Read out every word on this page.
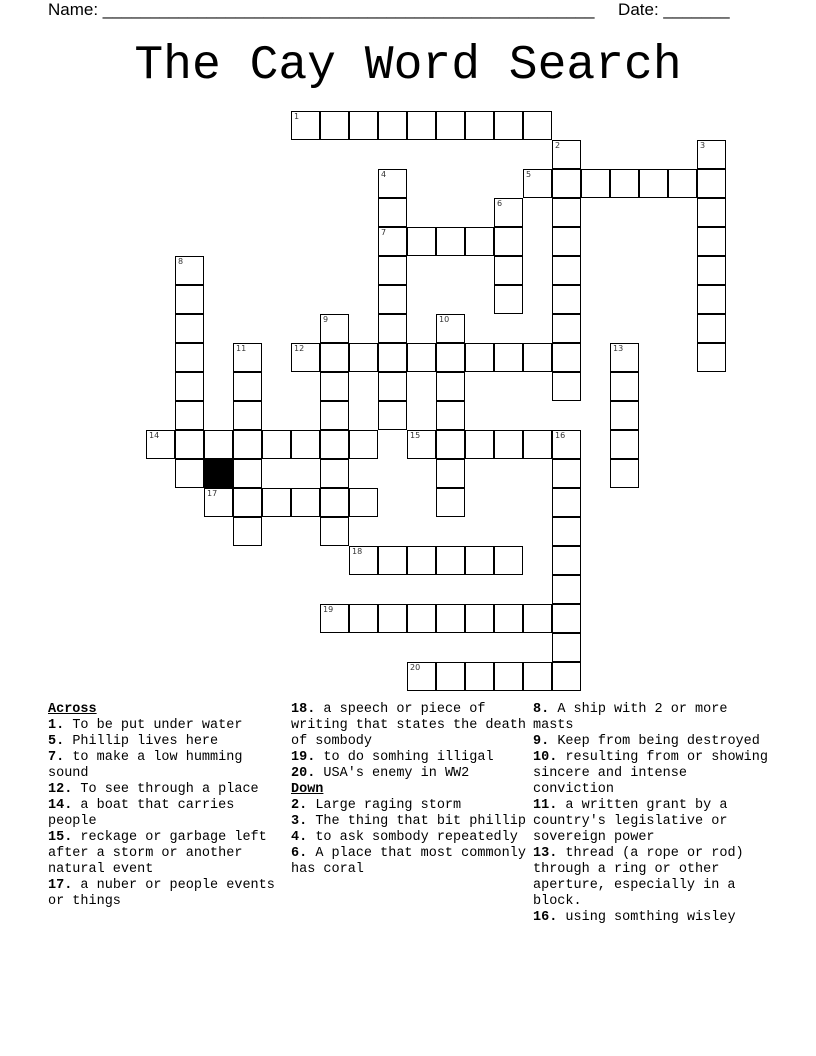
Name: ____________________________________________________     Date: _______
The Cay Word Search
1
2	3
4	5
6
7
8
9	10
11	12	13
14	15	16
17
18
19
20
Across
1. To be put under water
5. Phillip lives here
7. to make a low humming sound
12. To see through a place
14. a boat that carries people
15. reckage or garbage left after a storm or another natural event
17. a nuber or people events or things
18. a speech or piece of writing that states the death of sombody
19. to do somhing illigal
20. USA's enemy in WW2
Down
2. Large raging storm
3. The thing that bit phillip
4. to ask sombody repeatedly
6. A place that most commonly has coral
8. A ship with 2 or more masts
9. Keep from being destroyed
10. resulting from or showing sincere and intense conviction
11. a written grant by a country's legislative or sovereign power
13. thread (a rope or rod) through a ring or other aperture, especially in a block.
16. using somthing wisley
